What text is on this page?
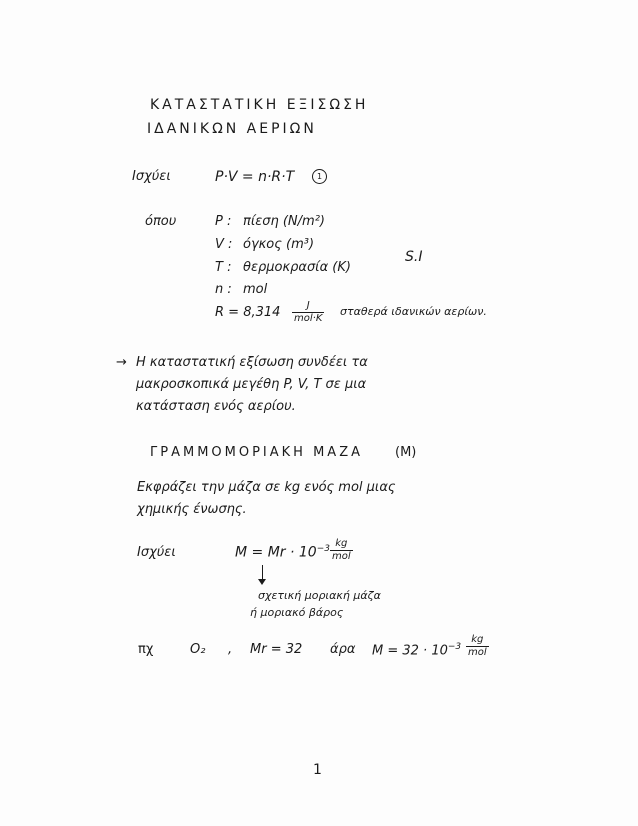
ΚΑΤΑΣΤΑΤΙΚΗ ΕΞΙΣΩΣΗ
ΙΔΑΝΙΚΩΝ ΑΕΡΙΩΝ
Ισχύει	P·V = n·R·T	1
όπου	P : πίεση (N/m²)
V : όγκος (m³)
T : θερμοκρασία (K)
n : mol
S.I
R = 8,314	J
mol·K σταθερά ιδανικών αερίων.
→ Η καταστατική εξίσωση συνδέει τα
μακροσκοπικά μεγέθη P, V, T σε μια
κατάσταση ενός αερίου.
ΓΡΑΜΜΟΜΟΡΙΑΚΗ ΜΑΖΑ (M)
Εκφράζει την μάζα σε kg ενός mol μιας
χημικής ένωσης.
Ισχύει	$M = Mr \cdot 10^{-3}$ kg
mol
σχετική μοριακή μάζα
ή μοριακό βάρος
πχ	O₂ , Mr = 32 άρα $M = 32 \cdot 10^{-3}$
kg
mol
1
